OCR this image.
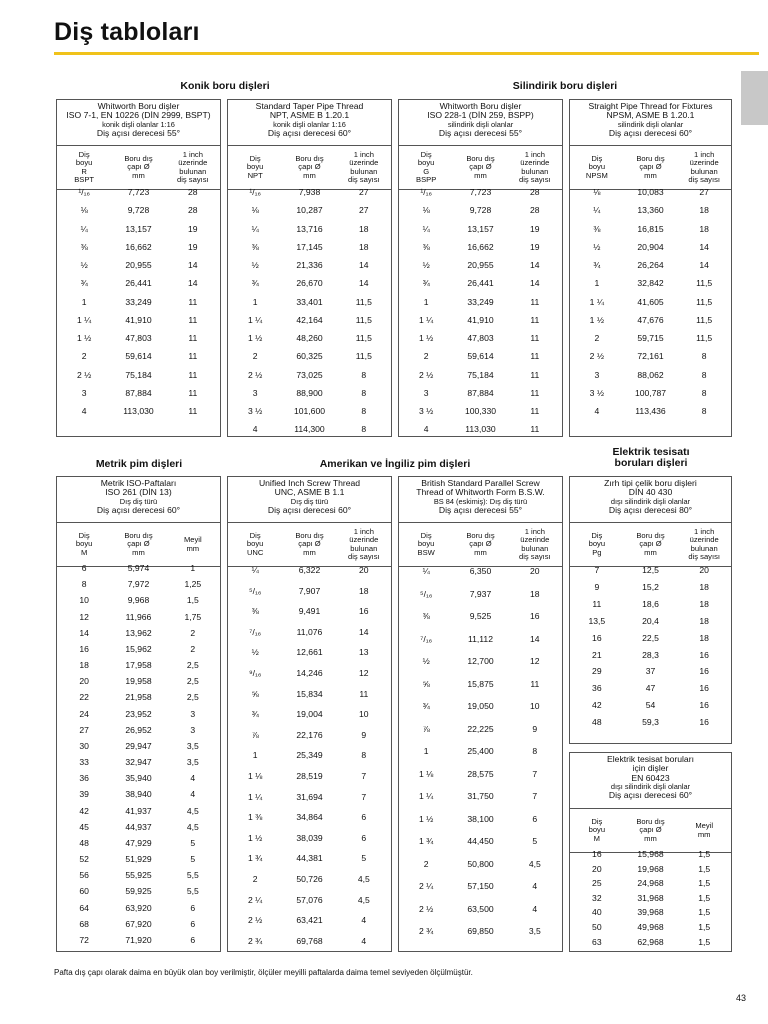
Diş tabloları
Konik boru dişleri	Silindirik boru dişleri
Metrik pim dişleri	Amerikan ve İngiliz pim dişleri
Elektrik tesisatı
boruları dişleri
Whitworth Boru dişler
ISO 7-1, EN 10226 (DİN 2999, BSPT)
konik dişli olanlar 1:16
Diş açısı derecesi 55°
Diş
boyu
R
BSPT
Boru dış
çapı Ø
mm
1 inch
üzerinde
bulunan
diş sayısı
¹/₁₆	7,723	28
⅛	9,728	28
¼	13,157	19
⅜	16,662	19
½	20,955	14
¾	26,441	14
1	33,249	11
1 ¼	41,910	11
1 ½	47,803	11
2	59,614	11
2 ½	75,184	11
3	87,884	11
4	113,030	11
Standard Taper Pipe Thread
NPT, ASME B 1.20.1
konik dişli olanlar 1:16
Diş açısı derecesi 60°
Diş
boyu
NPT
Boru dış
çapı Ø
mm
1 inch
üzerinde
bulunan
diş sayısı
¹/₁₆	7,938	27
⅛	10,287	27
¼	13,716	18
⅜	17,145	18
½	21,336	14
¾	26,670	14
1	33,401	11,5
1 ¼	42,164	11,5
1 ½	48,260	11,5
2	60,325	11,5
2 ½	73,025	8
3	88,900	8
3 ½	101,600	8
4	114,300	8
Whitworth Boru dişler
ISO 228-1 (DİN 259, BSPP)
silindirik dişli olanlar
Diş açısı derecesi 55°
Diş
boyu
G
BSPP
Boru dış
çapı Ø
mm
1 inch
üzerinde
bulunan
diş sayısı
¹/₁₆	7,723	28
⅛	9,728	28
¼	13,157	19
⅜	16,662	19
½	20,955	14
¾	26,441	14
1	33,249	11
1 ¼	41,910	11
1 ½	47,803	11
2	59,614	11
2 ½	75,184	11
3	87,884	11
3 ½	100,330	11
4	113,030	11
Straight Pipe Thread for Fixtures
NPSM, ASME B 1.20.1
silindirik dişli olanlar
Diş açısı derecesi 60°
Diş
boyu
NPSM
Boru dış
çapı Ø
mm
1 inch
üzerinde
bulunan
diş sayısı
⅛	10,083	27
¼	13,360	18
⅜	16,815	18
½	20,904	14
¾	26,264	14
1	32,842	11,5
1 ¼	41,605	11,5
1 ½	47,676	11,5
2	59,715	11,5
2 ½	72,161	8
3	88,062	8
3 ½	100,787	8
4	113,436	8
Metrik ISO-Paftaları
ISO 261 (DİN 13)
Dış diş türü
Diş açısı derecesi 60°
Diş
boyu
M
Boru dış
çapı Ø
mm
Meyil
mm
6	5,974	1
8	7,972	1,25
10	9,968	1,5
12	11,966	1,75
14	13,962	2
16	15,962	2
18	17,958	2,5
20	19,958	2,5
22	21,958	2,5
24	23,952	3
27	26,952	3
30	29,947	3,5
33	32,947	3,5
36	35,940	4
39	38,940	4
42	41,937	4,5
45	44,937	4,5
48	47,929	5
52	51,929	5
56	55,925	5,5
60	59,925	5,5
64	63,920	6
68	67,920	6
72	71,920	6
Unified Inch Screw Thread
UNC, ASME B 1.1
Dış diş türü
Diş açısı derecesi 60°
Diş
boyu
UNC
Boru dış
çapı Ø
mm
1 inch
üzerinde
bulunan
diş sayısı
¼	6,322	20
⁵/₁₆	7,907	18
⅜	9,491	16
⁷/₁₆	11,076	14
½	12,661	13
⁹/₁₆	14,246	12
⅝	15,834	11
¾	19,004	10
⅞	22,176	9
1	25,349	8
1 ⅛	28,519	7
1 ¼	31,694	7
1 ⅜	34,864	6
1 ½	38,039	6
1 ¾	44,381	5
2	50,726	4,5
2 ¼	57,076	4,5
2 ½	63,421	4
2 ¾	69,768	4
British Standard Parallel Screw
Thread of Whitworth Form B.S.W.
BS 84 (eskimiş): Dış diş türü
Diş açısı derecesi 55°
Diş
boyu
BSW
Boru dış
çapı Ø
mm
1 inch
üzerinde
bulunan
diş sayısı
¼	6,350	20
⁵/₁₆	7,937	18
⅜	9,525	16
⁷/₁₆	11,112	14
½	12,700	12
⅝	15,875	11
¾	19,050	10
⅞	22,225	9
1	25,400	8
1 ⅛	28,575	7
1 ¼	31,750	7
1 ½	38,100	6
1 ¾	44,450	5
2	50,800	4,5
2 ¼	57,150	4
2 ½	63,500	4
2 ¾	69,850	3,5
Zırh tipi çelik boru dişleri
DİN 40 430
dışı silindirik dişli olanlar
Diş açısı derecesi 80°
Diş
boyu
Pg
Boru dış
çapı Ø
mm
1 inch
üzerinde
bulunan
diş sayısı
7	12,5	20
9	15,2	18
11	18,6	18
13,5	20,4	18
16	22,5	18
21	28,3	16
29	37	16
36	47	16
42	54	16
48	59,3	16
Elektrik tesisat boruları
için dişler
EN 60423
dışı silindirik dişli olanlar
Diş açısı derecesi 60°
Diş
boyu
M
Boru dış
çapı Ø
mm
Meyil
mm
16	15,968	1,5
20	19,968	1,5
25	24,968	1,5
32	31,968	1,5
40	39,968	1,5
50	49,968	1,5
63	62,968	1,5
Pafta dış çapı olarak daima en büyük olan boy verilmiştir, ölçüler meyilli paftalarda daima temel seviyeden ölçülmüştür.
43
